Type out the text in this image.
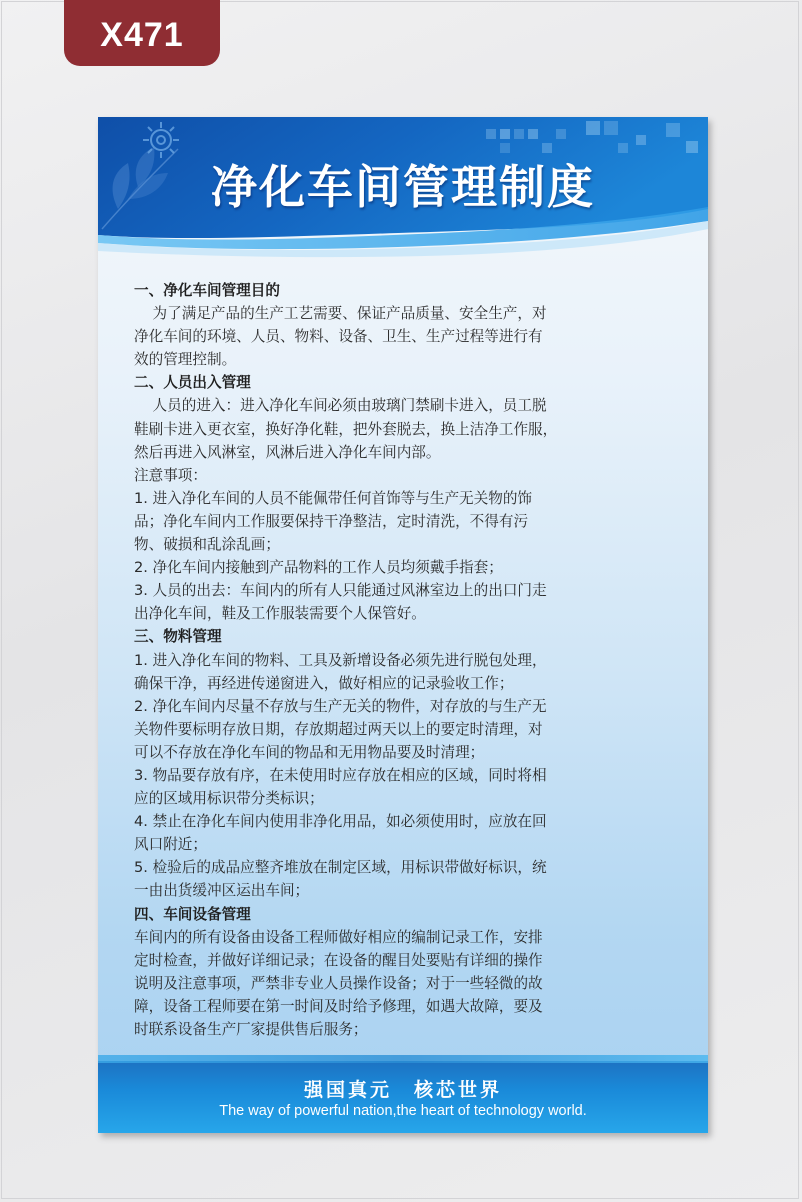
X471
净化车间管理制度
一、净化车间管理目的
为了满足产品的生产工艺需要、保证产品质量、安全生产，对
净化车间的环境、人员、物料、设备、卫生、生产过程等进行有
效的管理控制。
二、人员出入管理
人员的进入：进入净化车间必须由玻璃门禁刷卡进入，员工脱
鞋刷卡进入更衣室，换好净化鞋，把外套脱去，换上洁净工作服，
然后再进入风淋室，风淋后进入净化车间内部。
注意事项：
1. 进入净化车间的人员不能佩带任何首饰等与生产无关物的饰
品；净化车间内工作服要保持干净整洁，定时清洗，不得有污
物、破损和乱涂乱画；
2. 净化车间内接触到产品物料的工作人员均须戴手指套；
3. 人员的出去：车间内的所有人只能通过风淋室边上的出口门走
出净化车间，鞋及工作服装需要个人保管好。
三、物料管理
1. 进入净化车间的物料、工具及新增设备必须先进行脱包处理，
确保干净，再经进传递窗进入，做好相应的记录验收工作；
2. 净化车间内尽量不存放与生产无关的物件，对存放的与生产无
关物件要标明存放日期，存放期超过两天以上的要定时清理，对
可以不存放在净化车间的物品和无用物品要及时清理；
3. 物品要存放有序，在未使用时应存放在相应的区域，同时将相
应的区域用标识带分类标识；
4. 禁止在净化车间内使用非净化用品，如必须使用时，应放在回
风口附近；
5. 检验后的成品应整齐堆放在制定区域，用标识带做好标识，统
一由出货缓冲区运出车间；
四、车间设备管理
车间内的所有设备由设备工程师做好相应的编制记录工作，安排
定时检查，并做好详细记录；在设备的醒目处要贴有详细的操作
说明及注意事项，严禁非专业人员操作设备；对于一些轻微的故
障，设备工程师要在第一时间及时给予修理，如遇大故障，要及
时联系设备生产厂家提供售后服务；
强国真元　核芯世界
The way of powerful nation,the heart of technology world.
